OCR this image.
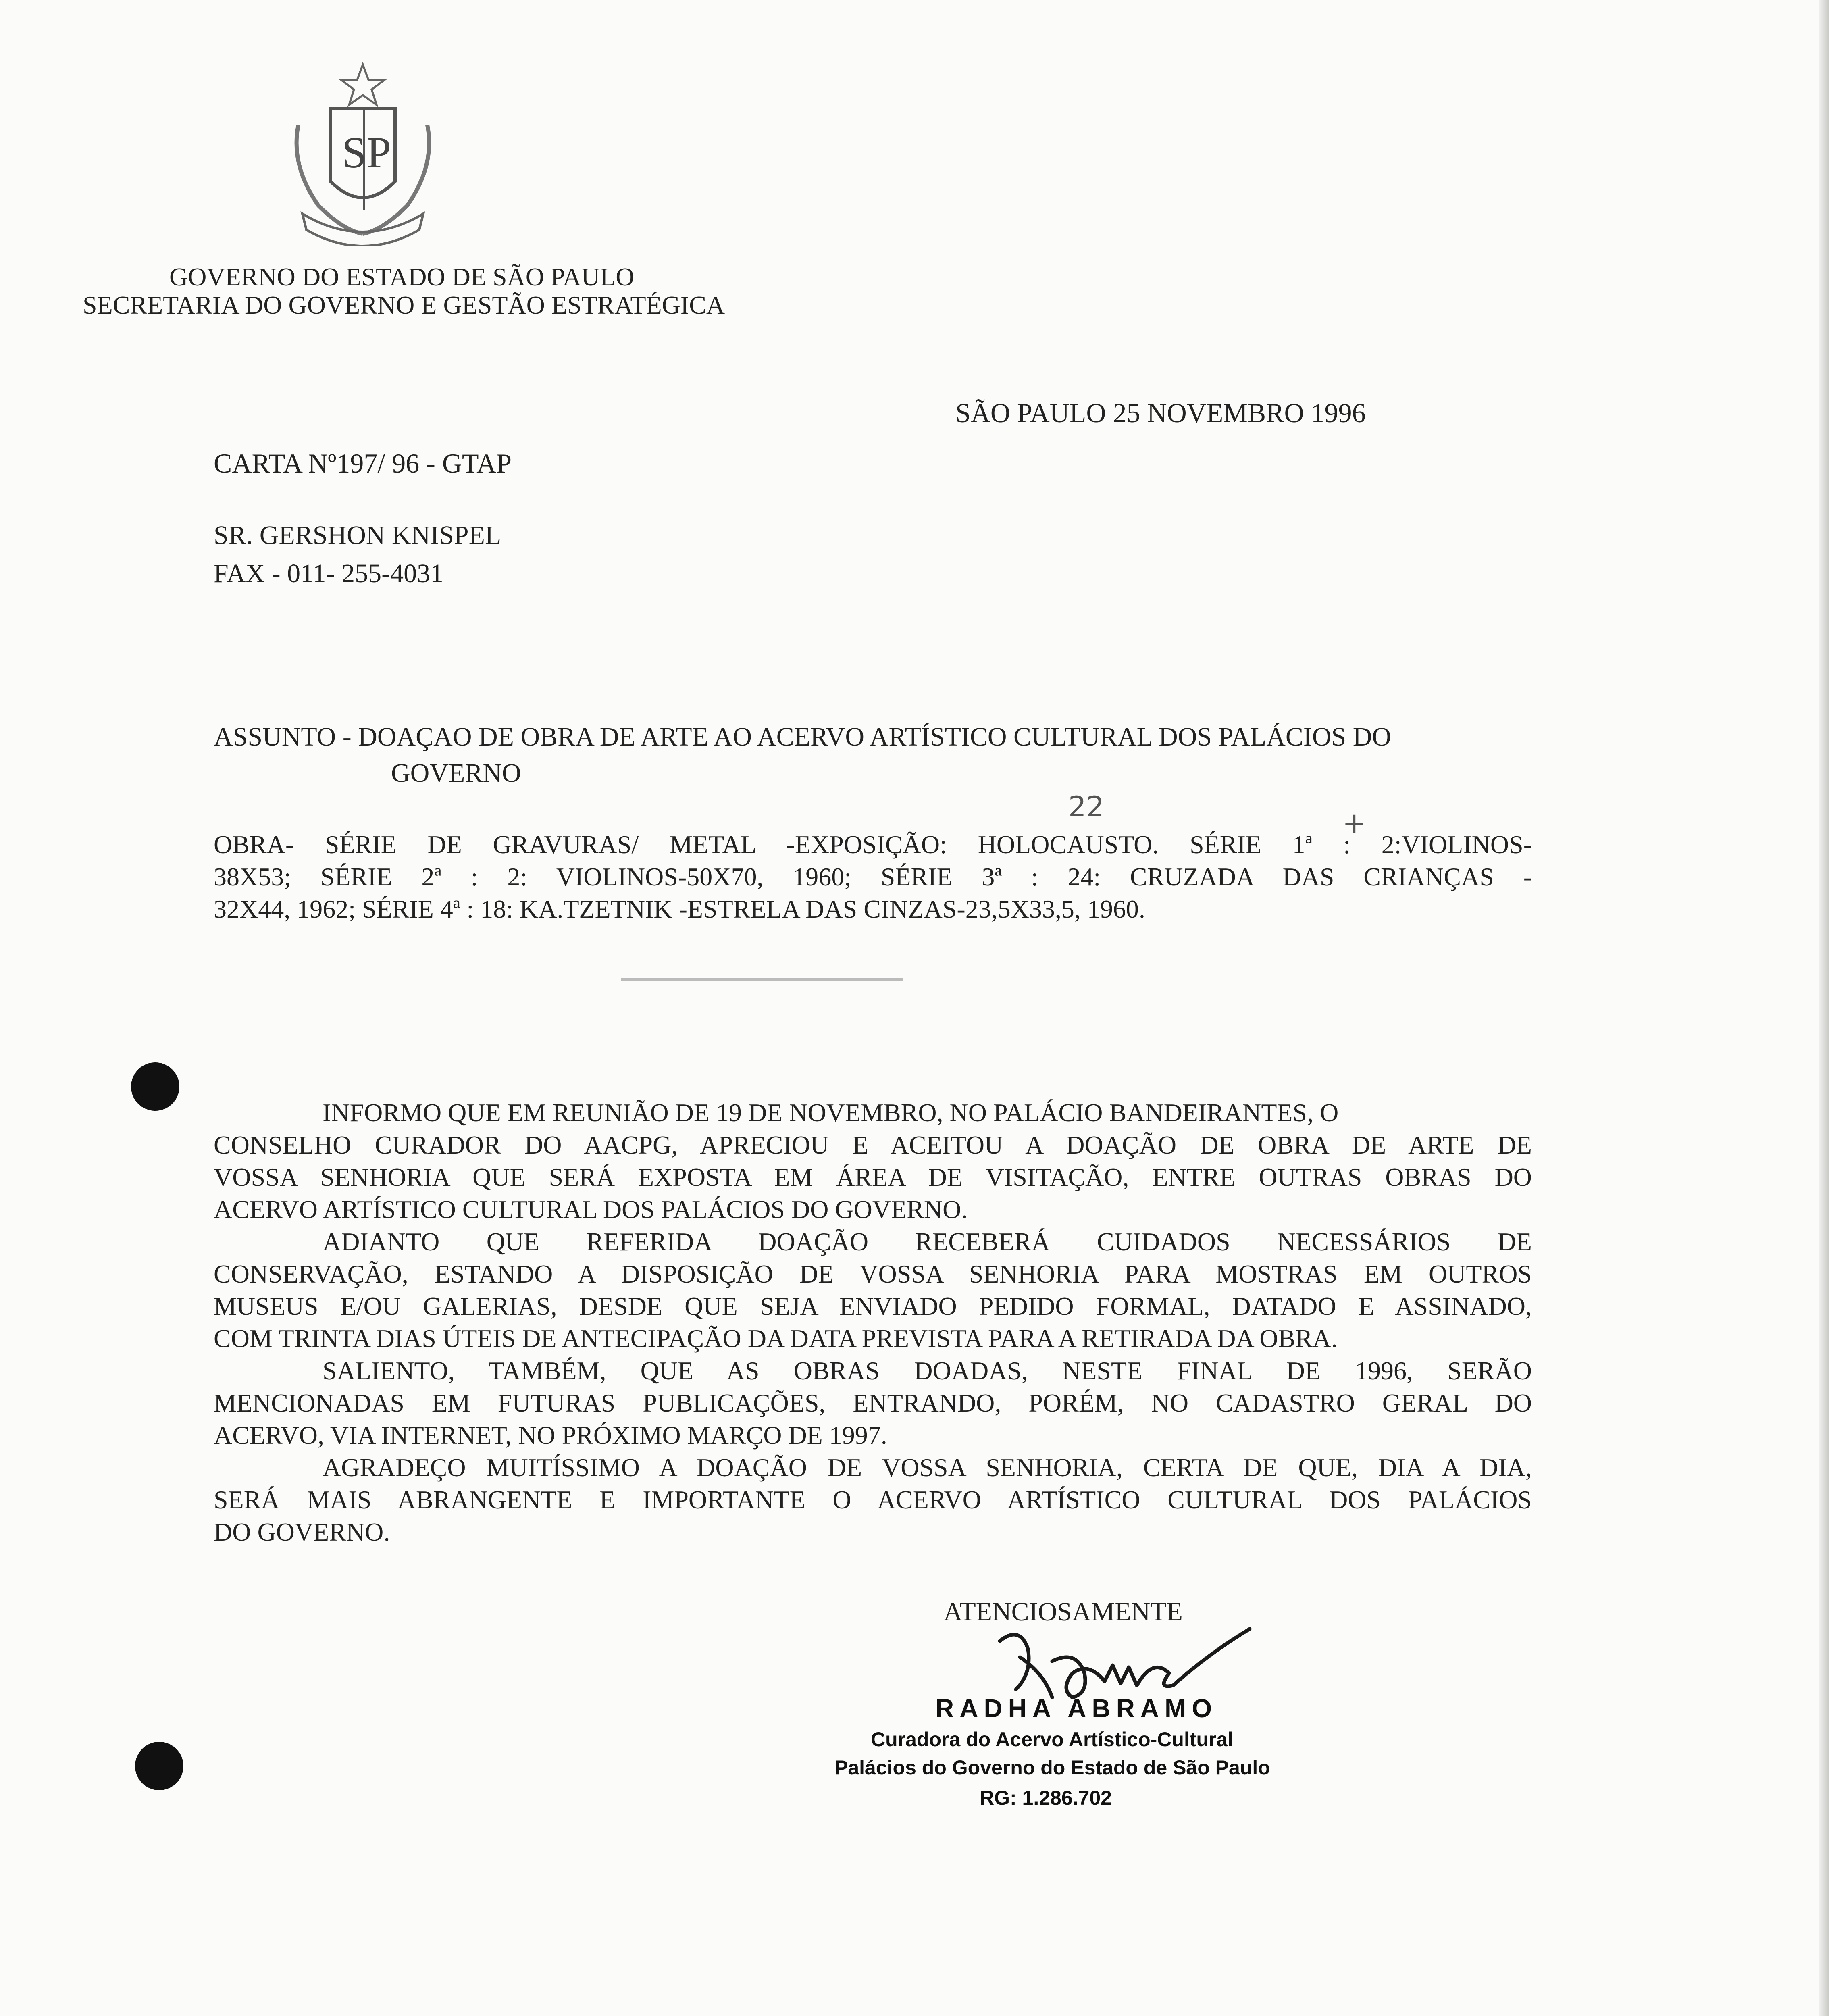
SP
GOVERNO DO ESTADO DE SÃO PAULO
SECRETARIA DO GOVERNO E GESTÃO ESTRATÉGICA
SÃO PAULO 25 NOVEMBRO 1996
CARTA Nº197/ 96 - GTAP
SR. GERSHON KNISPEL
FAX - 011- 255-4031
ASSUNTO - DOAÇAO DE OBRA DE ARTE AO ACERVO ARTÍSTICO CULTURAL DOS PALÁCIOS DO
GOVERNO
22	+
OBRA- SÉRIE DE GRAVURAS/ METAL -EXPOSIÇÃO: HOLOCAUSTO. SÉRIE 1ª : 2:VIOLINOS-
38X53; SÉRIE 2ª : 2: VIOLINOS-50X70, 1960; SÉRIE 3ª : 24: CRUZADA DAS CRIANÇAS -
32X44, 1962; SÉRIE 4ª : 18: KA.TZETNIK -ESTRELA DAS CINZAS-23,5X33,5, 1960.
INFORMO QUE EM REUNIÃO DE 19 DE NOVEMBRO, NO PALÁCIO BANDEIRANTES, O
CONSELHO CURADOR DO AACPG, APRECIOU E ACEITOU A DOAÇÃO DE OBRA DE ARTE DE
VOSSA SENHORIA QUE SERÁ EXPOSTA EM ÁREA DE VISITAÇÃO, ENTRE OUTRAS OBRAS DO
ACERVO ARTÍSTICO CULTURAL DOS PALÁCIOS DO GOVERNO.
ADIANTO QUE REFERIDA DOAÇÃO RECEBERÁ CUIDADOS NECESSÁRIOS DE
CONSERVAÇÃO, ESTANDO A DISPOSIÇÃO DE VOSSA SENHORIA PARA MOSTRAS EM OUTROS
MUSEUS E/OU GALERIAS, DESDE QUE SEJA ENVIADO PEDIDO FORMAL, DATADO E ASSINADO,
COM TRINTA DIAS ÚTEIS DE ANTECIPAÇÃO DA DATA PREVISTA PARA A RETIRADA DA OBRA.
SALIENTO, TAMBÉM, QUE AS OBRAS DOADAS, NESTE FINAL DE 1996, SERÃO
MENCIONADAS EM FUTURAS PUBLICAÇÕES, ENTRANDO, PORÉM, NO CADASTRO GERAL DO
ACERVO, VIA INTERNET, NO PRÓXIMO MARÇO DE 1997.
AGRADEÇO MUITÍSSIMO A DOAÇÃO DE VOSSA SENHORIA, CERTA DE QUE, DIA A DIA,
SERÁ MAIS ABRANGENTE E IMPORTANTE O ACERVO ARTÍSTICO CULTURAL DOS PALÁCIOS
DO GOVERNO.
ATENCIOSAMENTE
RADHA ABRAMO
Curadora do Acervo Artístico-Cultural
Palácios do Governo do Estado de São Paulo
RG: 1.286.702
